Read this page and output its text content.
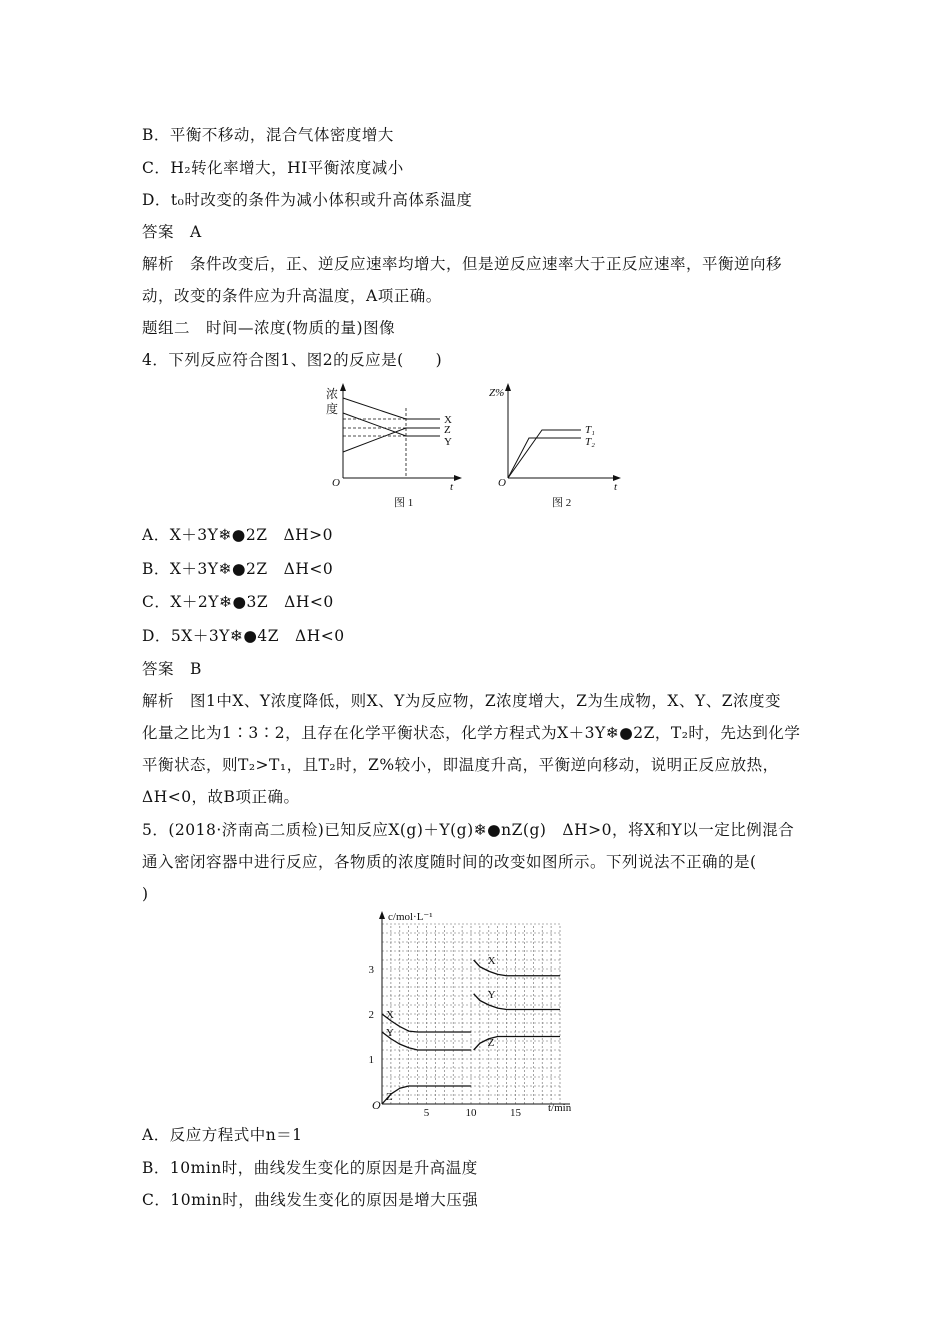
B．平衡不移动，混合气体密度增大
C．H₂转化率增大，HI平衡浓度减小
D．t₀时改变的条件为减小体积或升高体系温度
答案　A
解析　条件改变后，正、逆反应速率均增大，但是逆反应速率大于正反应速率，平衡逆向移
动，改变的条件应为升高温度，A项正确。
题组二　时间—浓度(物质的量)图像
4．下列反应符合图1、图2的反应是(　　)
浓
度
X
Z
Y
O	t
图 1
Z%
T₁
T₂
O	t
图 2
A．X＋3Y❄●2Z　ΔH>0
B．X＋3Y❄●2Z　ΔH<0
C．X＋2Y❄●3Z　ΔH<0
D．5X＋3Y❄●4Z　ΔH<0
答案　B
解析　图1中X、Y浓度降低，则X、Y为反应物，Z浓度增大，Z为生成物，X、Y、Z浓度变
化量之比为1∶3∶2，且存在化学平衡状态，化学方程式为X＋3Y❄●2Z，T₂时，先达到化学
平衡状态，则T₂>T₁，且T₂时，Z%较小，即温度升高，平衡逆向移动，说明正反应放热，
ΔH<0，故B项正确。
5．(2018·济南高二质检)已知反应X(g)＋Y(g)❄●nZ(g)　ΔH>0，将X和Y以一定比例混合
通入密闭容器中进行反应，各物质的浓度随时间的改变如图所示。下列说法不正确的是(
)
5	10	15
1
2
3
X
Y
Z
X
Y
Z
c/mol·L⁻¹
t/min
O
A．反应方程式中n＝1
B．10min时，曲线发生变化的原因是升高温度
C．10min时，曲线发生变化的原因是增大压强
